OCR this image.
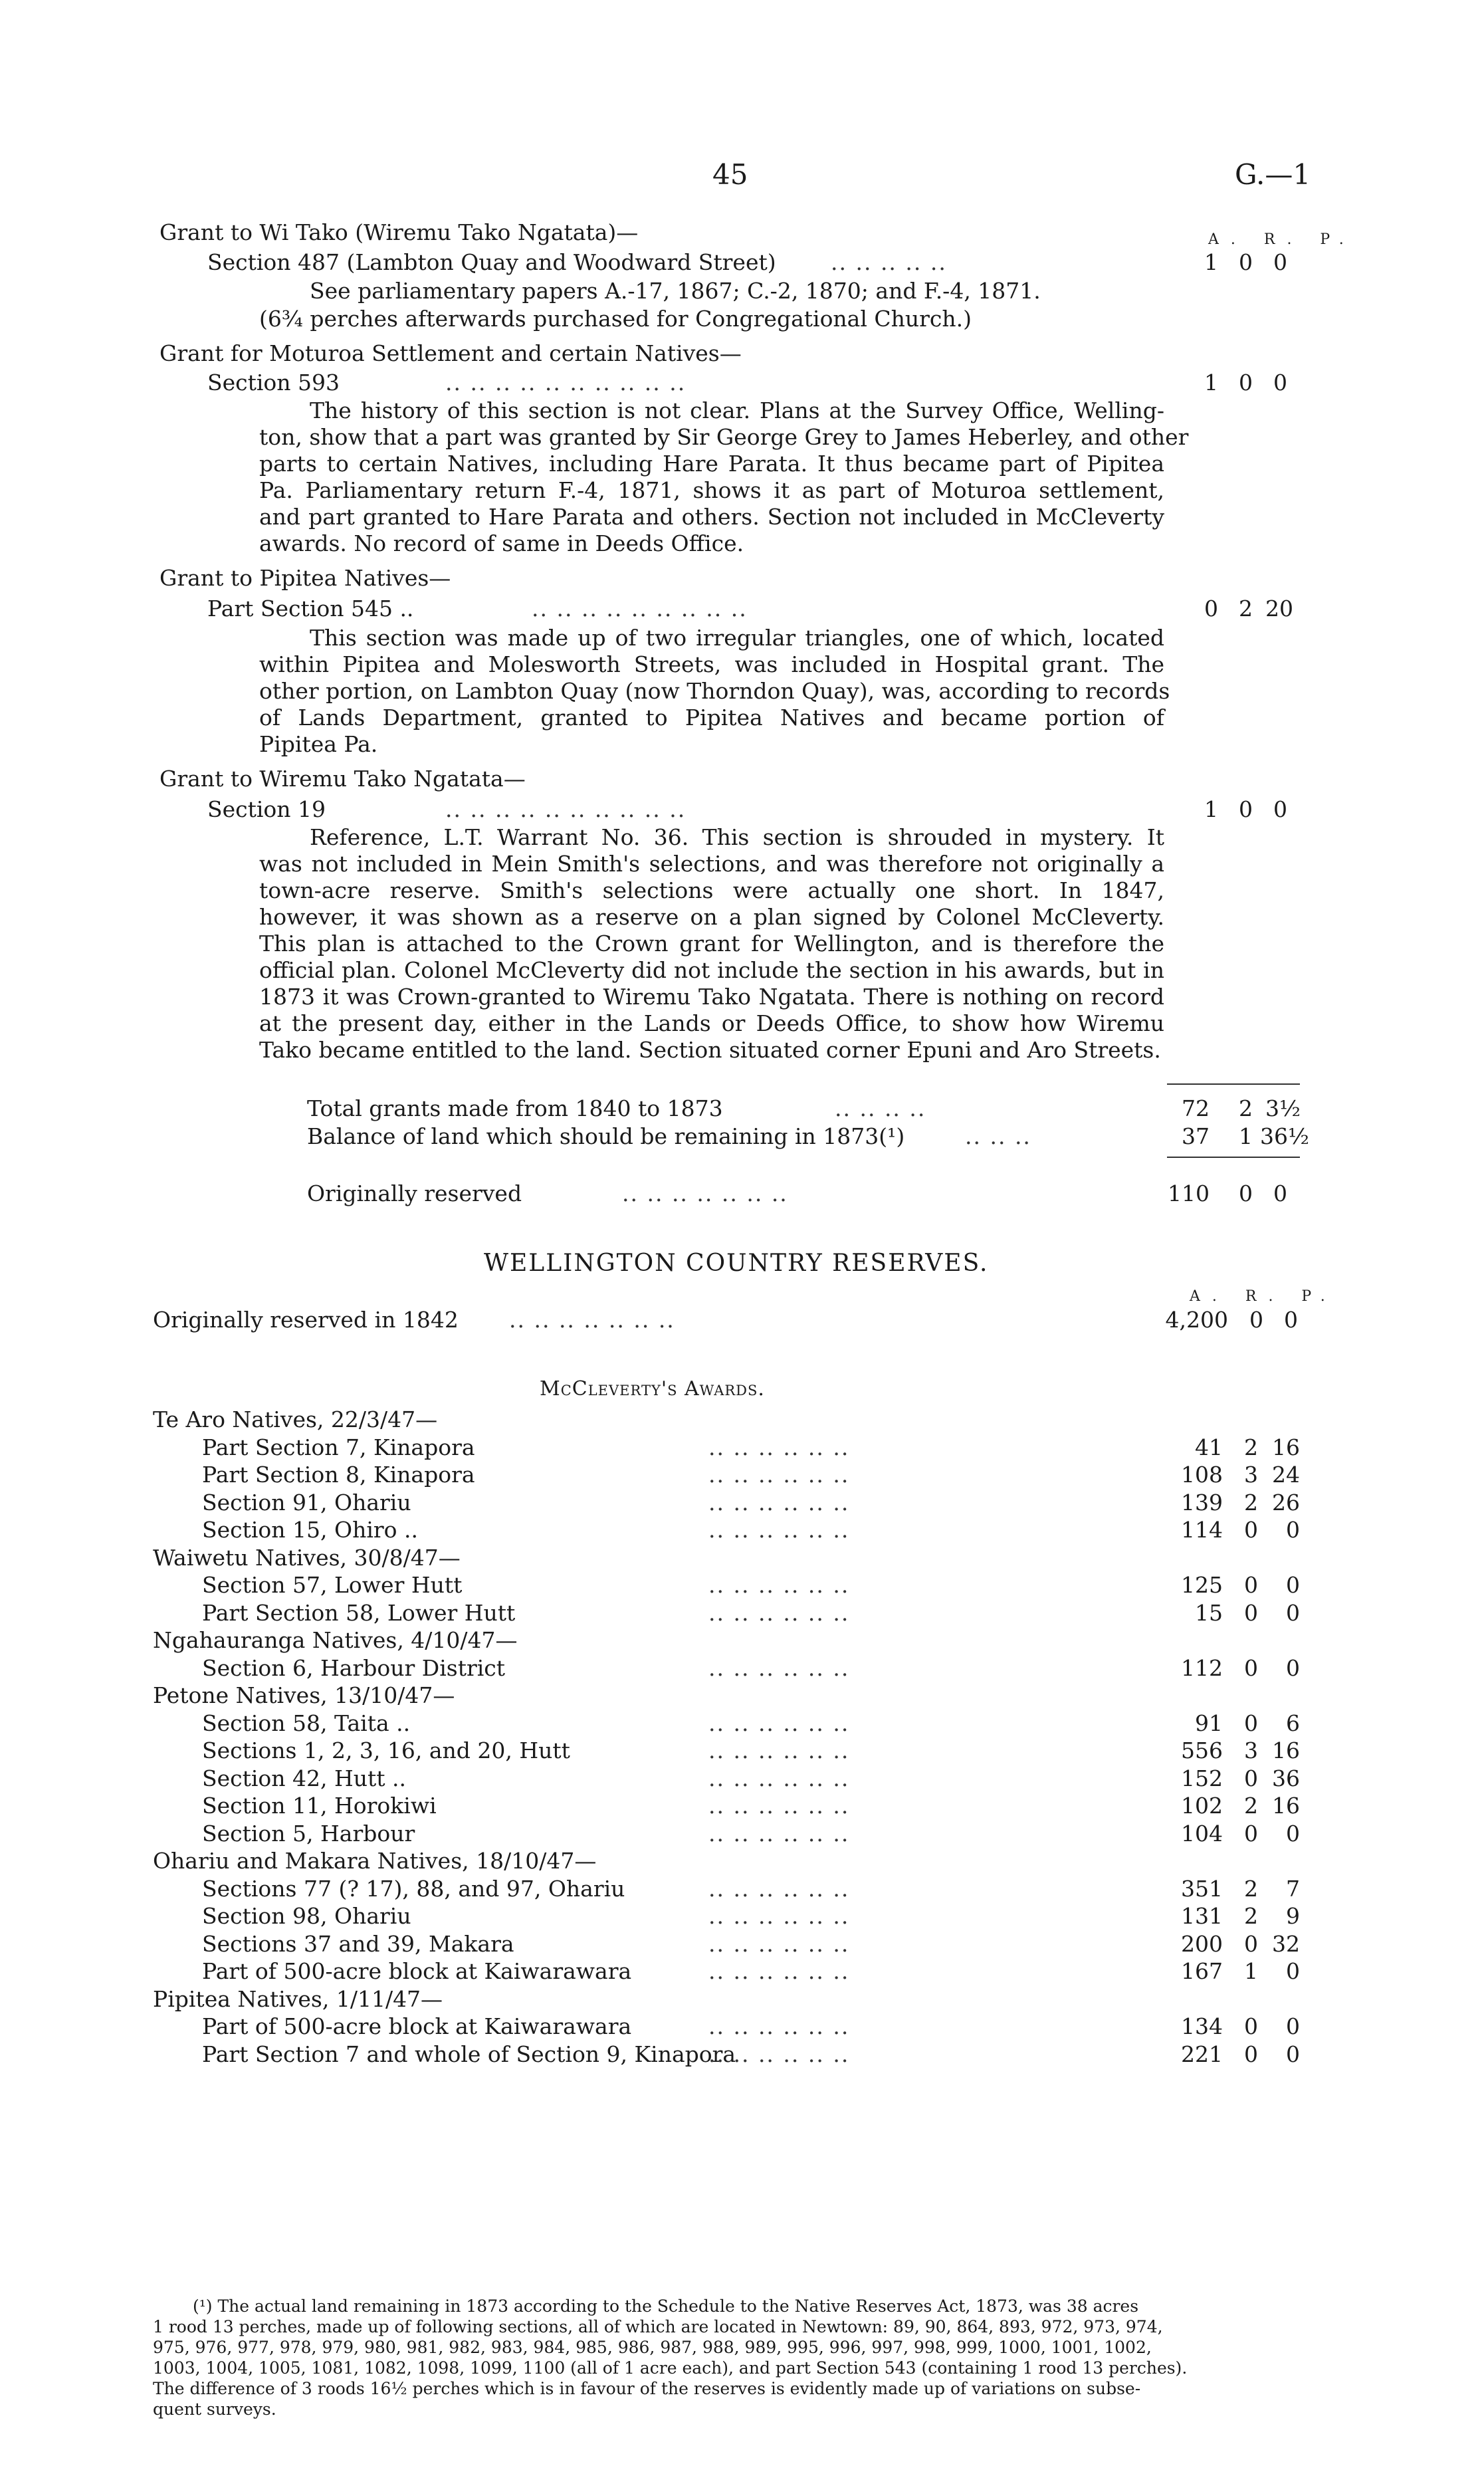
45	G.—1
A. R. P.
Grant to Wi Tako (Wiremu Tako Ngatata)—
Section 487 (Lambton Quay and Woodward Street) .. .. .. .. ..	1 0 0
See parliamentary papers A.-17, 1867; C.-2, 1870; and F.-4, 1871.
(6¾ perches afterwards purchased for Congregational Church.)
Grant for Moturoa Settlement and certain Natives—
Section 593	.. .. .. .. .. .. .. .. .. ..	1 0 0
The history of this section is not clear. Plans at the Survey Office, Welling-
ton, show that a part was granted by Sir George Grey to James Heberley, and other
parts to certain Natives, including Hare Parata. It thus became part of Pipitea
Pa. Parliamentary return F.-4, 1871, shows it as part of Moturoa settlement,
and part granted to Hare Parata and others. Section not included in McCleverty
awards. No record of same in Deeds Office.
Grant to Pipitea Natives—
Part Section 545 ..	.. .. .. .. .. .. .. .. ..	0 2 20
This section was made up of two irregular triangles, one of which, located
within Pipitea and Molesworth Streets, was included in Hospital grant. The
other portion, on Lambton Quay (now Thorndon Quay), was, according to records
of Lands Department, granted to Pipitea Natives and became portion of
Pipitea Pa.
Grant to Wiremu Tako Ngatata—
Section 19	.. .. .. .. .. .. .. .. .. ..	1 0 0
Reference, L.T. Warrant No. 36. This section is shrouded in mystery. It
was not included in Mein Smith's selections, and was therefore not originally a
town-acre reserve. Smith's selections were actually one short. In 1847,
however, it was shown as a reserve on a plan signed by Colonel McCleverty.
This plan is attached to the Crown grant for Wellington, and is therefore the
official plan. Colonel McCleverty did not include the section in his awards, but in
1873 it was Crown-granted to Wiremu Tako Ngatata. There is nothing on record
at the present day, either in the Lands or Deeds Office, to show how Wiremu
Tako became entitled to the land. Section situated corner Epuni and Aro Streets.
Total grants made from 1840 to 1873	.. .. .. ..	72 2 3½
Balance of land which should be remaining in 1873(¹)	.. .. ..	37 1 36½
Originally reserved	.. .. .. .. .. .. ..	110 0 0
WELLINGTON COUNTRY RESERVES.
A. R. P.
Originally reserved in 1842 .. .. .. .. .. .. ..	4,200 0 0
McCleverty's Awards.
Te Aro Natives, 22/3/47—
Part Section 7, Kinapora	.. .. .. .. .. ..	41 2 16
Part Section 8, Kinapora	.. .. .. .. .. ..	108 3 24
Section 91, Ohariu	.. .. .. .. .. ..	139 2 26
Section 15, Ohiro ..	.. .. .. .. .. ..	114 0	0
Waiwetu Natives, 30/8/47—
Section 57, Lower Hutt	.. .. .. .. .. ..	125 0	0
Part Section 58, Lower Hutt	.. .. .. .. .. ..	15 0	0
Ngahauranga Natives, 4/10/47—
Section 6, Harbour District	.. .. .. .. .. ..	112 0	0
Petone Natives, 13/10/47—
Section 58, Taita ..	.. .. .. .. .. ..	91 0	6
Sections 1, 2, 3, 16, and 20, Hutt	.. .. .. .. .. ..	556 3 16
Section 42, Hutt ..	.. .. .. .. .. ..	152 0 36
Section 11, Horokiwi	.. .. .. .. .. ..	102 2 16
Section 5, Harbour	.. .. .. .. .. ..	104 0	0
Ohariu and Makara Natives, 18/10/47—
Sections 77 (? 17), 88, and 97, Ohariu	.. .. .. .. .. ..	351 2	7
Section 98, Ohariu	.. .. .. .. .. ..	131 2	9
Sections 37 and 39, Makara	.. .. .. .. .. ..	200 0 32
Part of 500-acre block at Kaiwarawara	.. .. .. .. .. ..	167 1	0
Pipitea Natives, 1/11/47—
Part of 500-acre block at Kaiwarawara	.. .. .. .. .. ..	134 0	0
Part Section 7 and whole of Section 9, Kinapora
.. .. .. .. .. ..	221 0	0
(¹) The actual land remaining in 1873 according to the Schedule to the Native Reserves Act, 1873, was 38 acres
1 rood 13 perches, made up of following sections, all of which are located in Newtown: 89, 90, 864, 893, 972, 973, 974,
975, 976, 977, 978, 979, 980, 981, 982, 983, 984, 985, 986, 987, 988, 989, 995, 996, 997, 998, 999, 1000, 1001, 1002,
1003, 1004, 1005, 1081, 1082, 1098, 1099, 1100 (all of 1 acre each), and part Section 543 (containing 1 rood 13 perches).
The difference of 3 roods 16½ perches which is in favour of the reserves is evidently made up of variations on subse-
quent surveys.
